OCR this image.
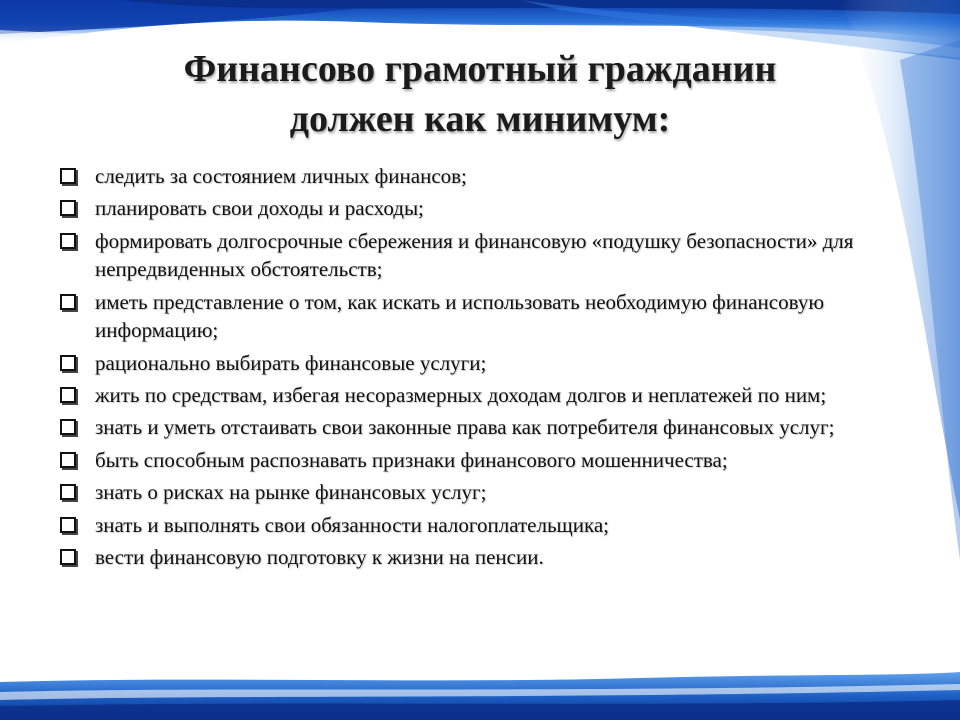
Финансово грамотный гражданин
должен как минимум:
следить за состоянием личных финансов;
планировать свои доходы и расходы;
формировать долгосрочные сбережения и финансовую «подушку безопасности» для непредвиденных обстоятельств;
иметь представление о том, как искать и использовать необходимую финансовую информацию;
рационально выбирать финансовые услуги;
жить по средствам, избегая несоразмерных доходам долгов и неплатежей по ним;
знать и уметь отстаивать свои законные права как потребителя финансовых услуг;
быть способным распознавать признаки финансового мошенничества;
знать о рисках на рынке финансовых услуг;
знать и выполнять свои обязанности налогоплательщика;
вести финансовую подготовку к жизни на пенсии.
